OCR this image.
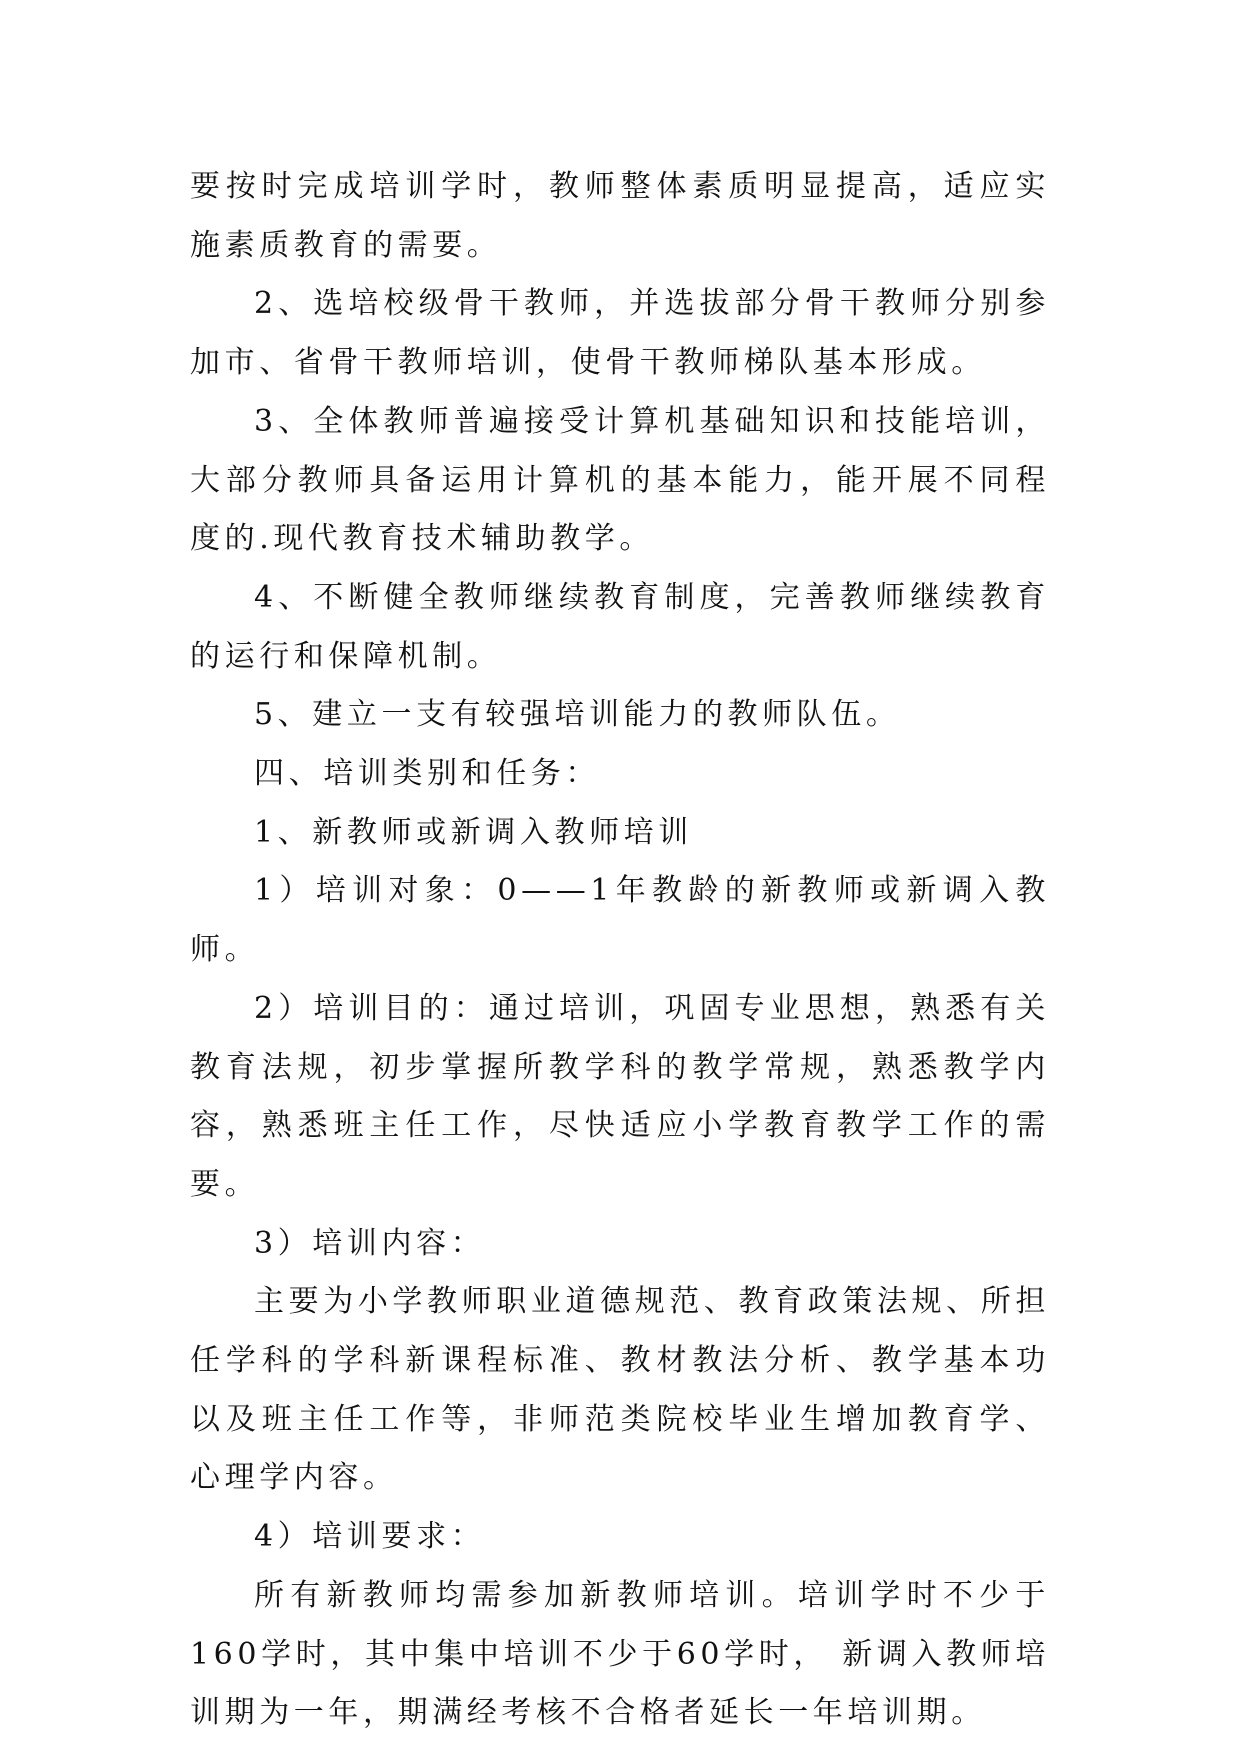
要按时完成培训学时，教师整体素质明显提高，适应实施素质教育的需要。

2、选培校级骨干教师，并选拔部分骨干教师分别参加市、省骨干教师培训，使骨干教师梯队基本形成。

3、全体教师普遍接受计算机基础知识和技能培训，大部分教师具备运用计算机的基本能力，能开展不同程度的.现代教育技术辅助教学。

4、不断健全教师继续教育制度，完善教师继续教育的运行和保障机制。

5、建立一支有较强培训能力的教师队伍。

四、培训类别和任务：

1、新教师或新调入教师培训

1）培训对象：0——1年教龄的新教师或新调入教师。

2）培训目的：通过培训，巩固专业思想，熟悉有关教育法规，初步掌握所教学科的教学常规，熟悉教学内容，熟悉班主任工作，尽快适应小学教育教学工作的需要。

3）培训内容：

主要为小学教师职业道德规范、教育政策法规、所担任学科的学科新课程标准、教材教法分析、教学基本功以及班主任工作等，非师范类院校毕业生增加教育学、心理学内容。

4）培训要求：

所有新教师均需参加新教师培训。培训学时不少于160学时，其中集中培训不少于60学时， 新调入教师培训期为一年，期满经考核不合格者延长一年培训期。
